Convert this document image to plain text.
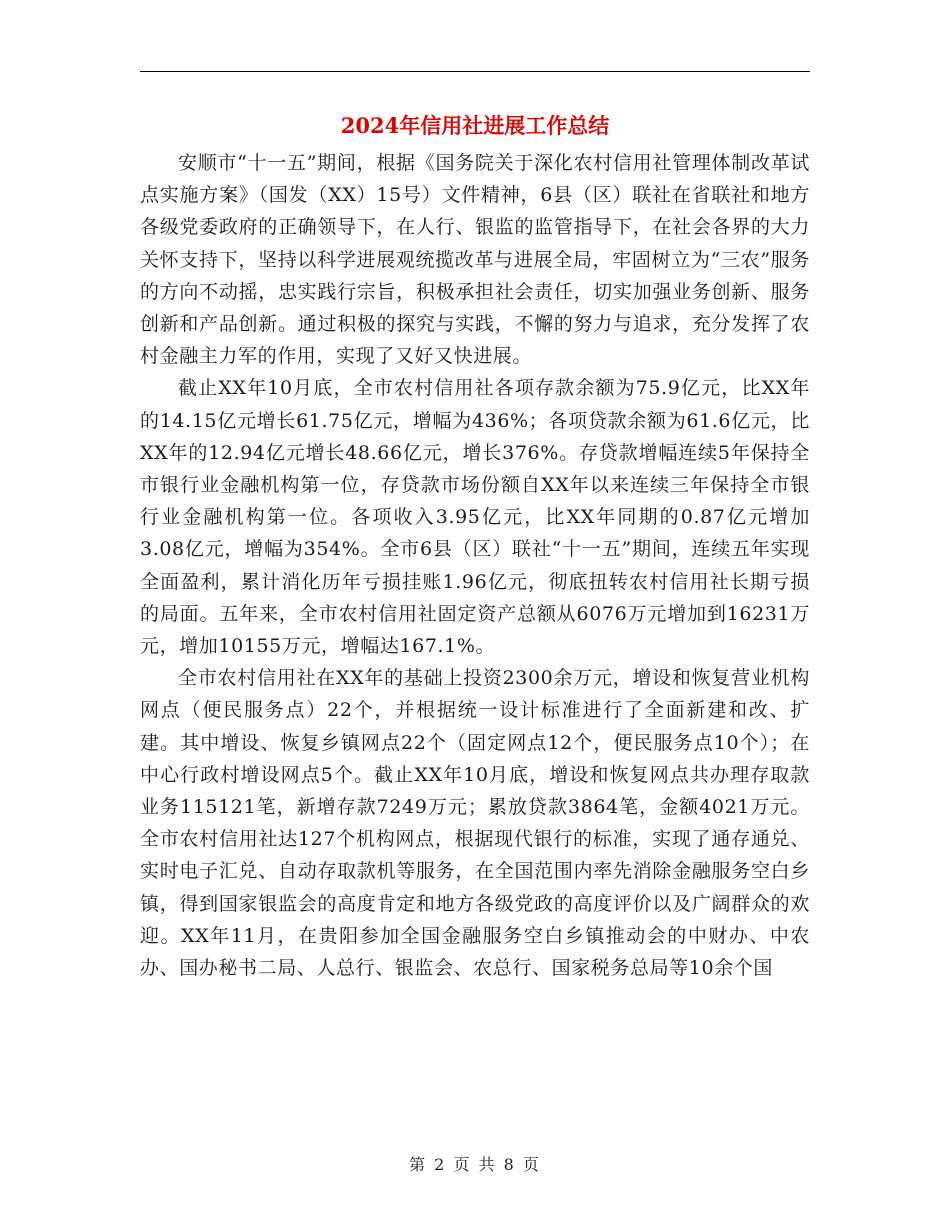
2024年信用社进展工作总结

安顺市“十一五”期间，根据《国务院关于深化农村信用社管理体制改革试点实施方案》（国发（XX）15号）文件精神，6县（区）联社在省联社和地方各级党委政府的正确领导下，在人行、银监的监管指导下，在社会各界的大力关怀支持下，坚持以科学进展观统揽改革与进展全局，牢固树立为“三农”服务的方向不动摇，忠实践行宗旨，积极承担社会责任，切实加强业务创新、服务创新和产品创新。通过积极的探究与实践，不懈的努力与追求，充分发挥了农村金融主力军的作用，实现了又好又快进展。

截止XX年10月底，全市农村信用社各项存款余额为75.9亿元，比XX年的14.15亿元增长61.75亿元，增幅为436%；各项贷款余额为61.6亿元，比XX年的12.94亿元增长48.66亿元，增长376%。存贷款增幅连续5年保持全市银行业金融机构第一位，存贷款市场份额自XX年以来连续三年保持全市银行业金融机构第一位。各项收入3.95亿元，比XX年同期的0.87亿元增加3.08亿元，增幅为354%。全市6县（区）联社“十一五”期间，连续五年实现全面盈利，累计消化历年亏损挂账1.96亿元，彻底扭转农村信用社长期亏损的局面。五年来，全市农村信用社固定资产总额从6076万元增加到16231万元，增加10155万元，增幅达167.1%。

全市农村信用社在XX年的基础上投资2300余万元，增设和恢复营业机构网点（便民服务点）22个，并根据统一设计标准进行了全面新建和改、扩建。其中增设、恢复乡镇网点22个（固定网点12个，便民服务点10个）；在中心行政村增设网点5个。截止XX年10月底，增设和恢复网点共办理存取款业务115121笔，新增存款7249万元；累放贷款3864笔，金额4021万元。全市农村信用社达127个机构网点，根据现代银行的标准，实现了通存通兑、实时电子汇兑、自动存取款机等服务，在全国范围内率先消除金融服务空白乡镇，得到国家银监会的高度肯定和地方各级党政的高度评价以及广阔群众的欢迎。XX年11月，在贵阳参加全国金融服务空白乡镇推动会的中财办、中农办、国办秘书二局、人总行、银监会、农总行、国家税务总局等10余个国

第 2 页 共 8 页
